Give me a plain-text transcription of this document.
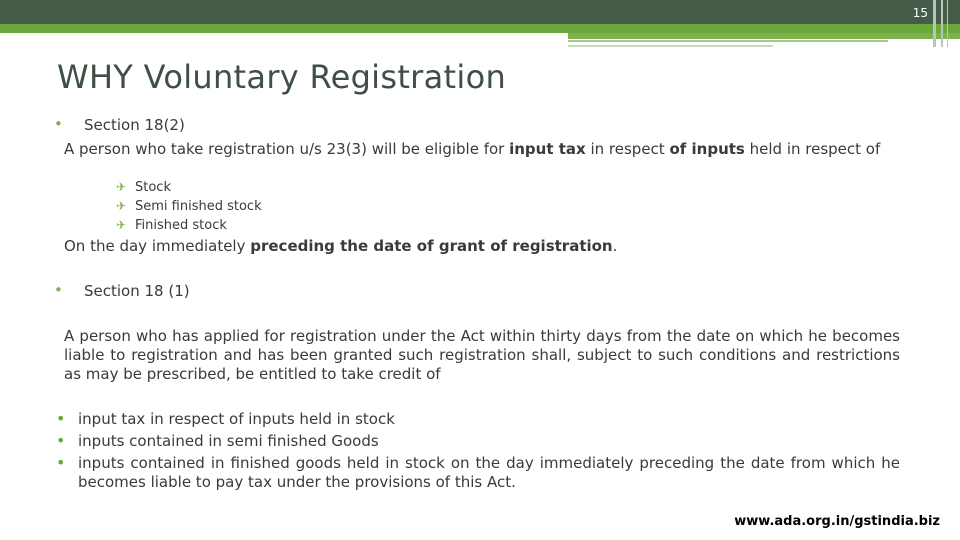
15
WHY Voluntary Registration
• Section 18(2)
A person who take registration u/s 23(3) will be eligible for input tax in respect of inputs held in respect of
✈ Stock
✈ Semi finished stock
✈ Finished stock
On the day immediately preceding the date of grant of registration.
• Section 18 (1)
A person who has applied for registration under the Act within thirty days from the date on which he becomes liable to registration and has been granted such registration shall, subject to such conditions and restrictions as may be prescribed, be entitled to take credit of
• input tax in respect of inputs held in stock
• inputs contained in semi finished Goods
• inputs contained in finished goods held in stock on the day immediately preceding the date from which he becomes liable to pay tax under the provisions of this Act.
www.ada.org.in/gstindia.biz
